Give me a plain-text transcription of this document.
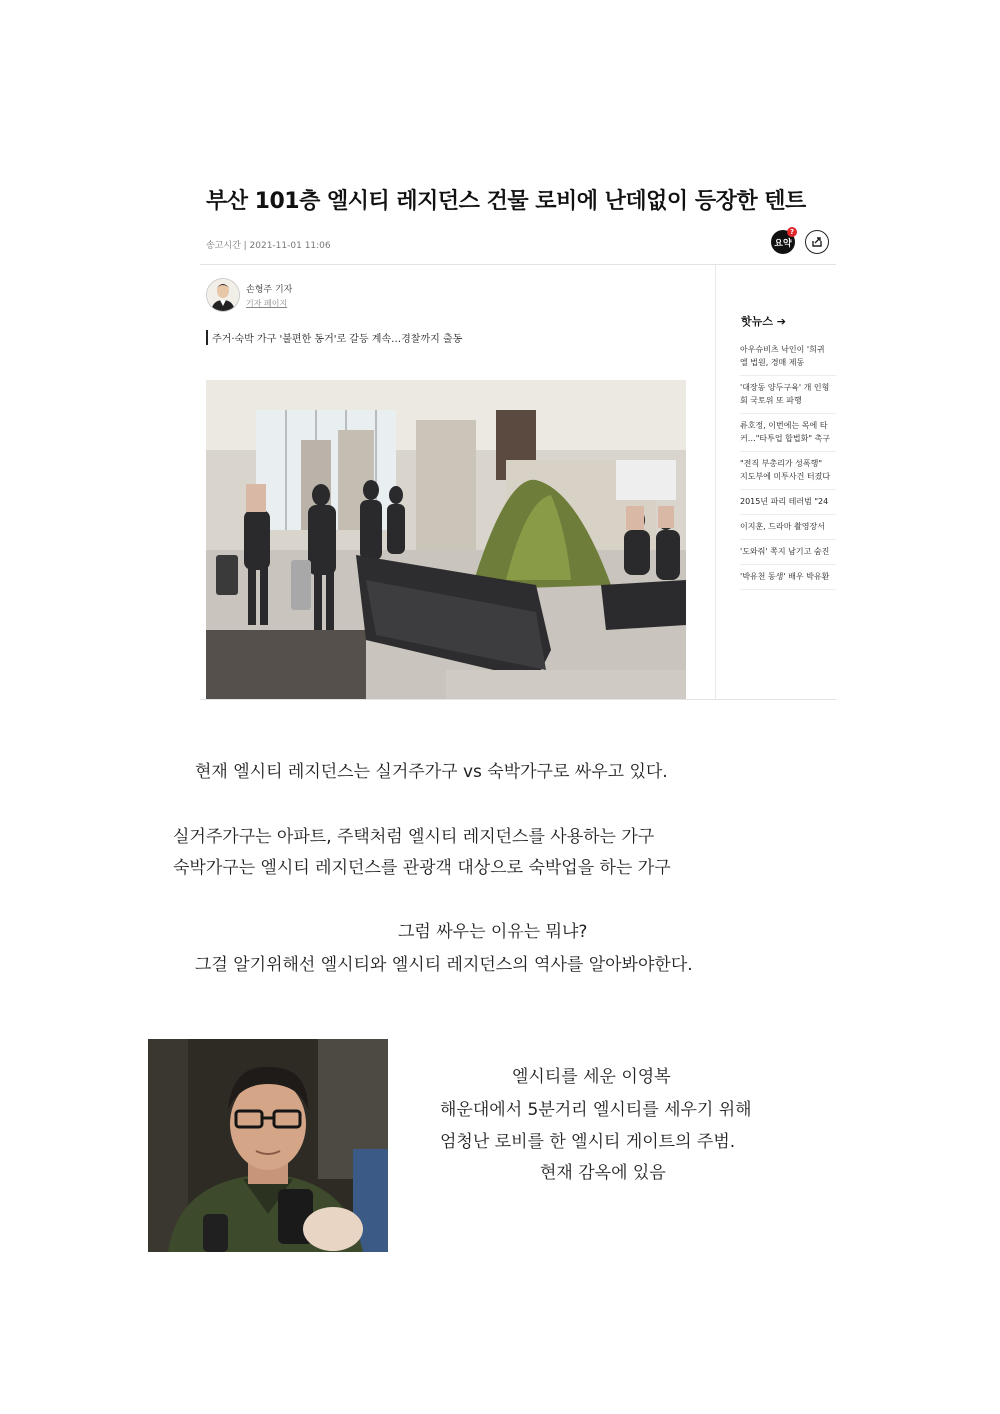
부산 101층 엘시티 레지던스 건물 로비에 난데없이 등장한 텐트
송고시간 | 2021-11-01 11:06	요약
?
손형주 기자
기자 페이지
주거·숙박 가구 '불편한 동거'로 갈등 계속…경찰까지 출동
핫뉴스 ➔
아우슈비츠 낙인이 '희귀
엘 법원, 경매 제동
'대장동 양두구육' 개 인형
회 국토위 또 파행
류호정, 이번에는 목에 타
커…"타투업 합법화" 촉구
"전직 부총리가 성폭행"
지도부에 미투사건 터졌다
2015년 파리 테러범 "24
이지훈, 드라마 촬영장서
'도와줘' 쪽지 남기고 숨진
'박유천 동생' 배우 박유환
현재 엘시티 레지던스는 실거주가구 vs 숙박가구로 싸우고 있다.
실거주가구는 아파트, 주택처럼 엘시티 레지던스를 사용하는 가구
숙박가구는 엘시티 레지던스를 관광객 대상으로 숙박업을 하는 가구
그럼 싸우는 이유는 뭐냐?
그걸 알기위해선 엘시티와 엘시티 레지던스의 역사를 알아봐야한다.
엘시티를 세운 이영복
해운대에서 5분거리 엘시티를 세우기 위해
엄청난 로비를 한 엘시티 게이트의 주범.
현재 감옥에 있음
